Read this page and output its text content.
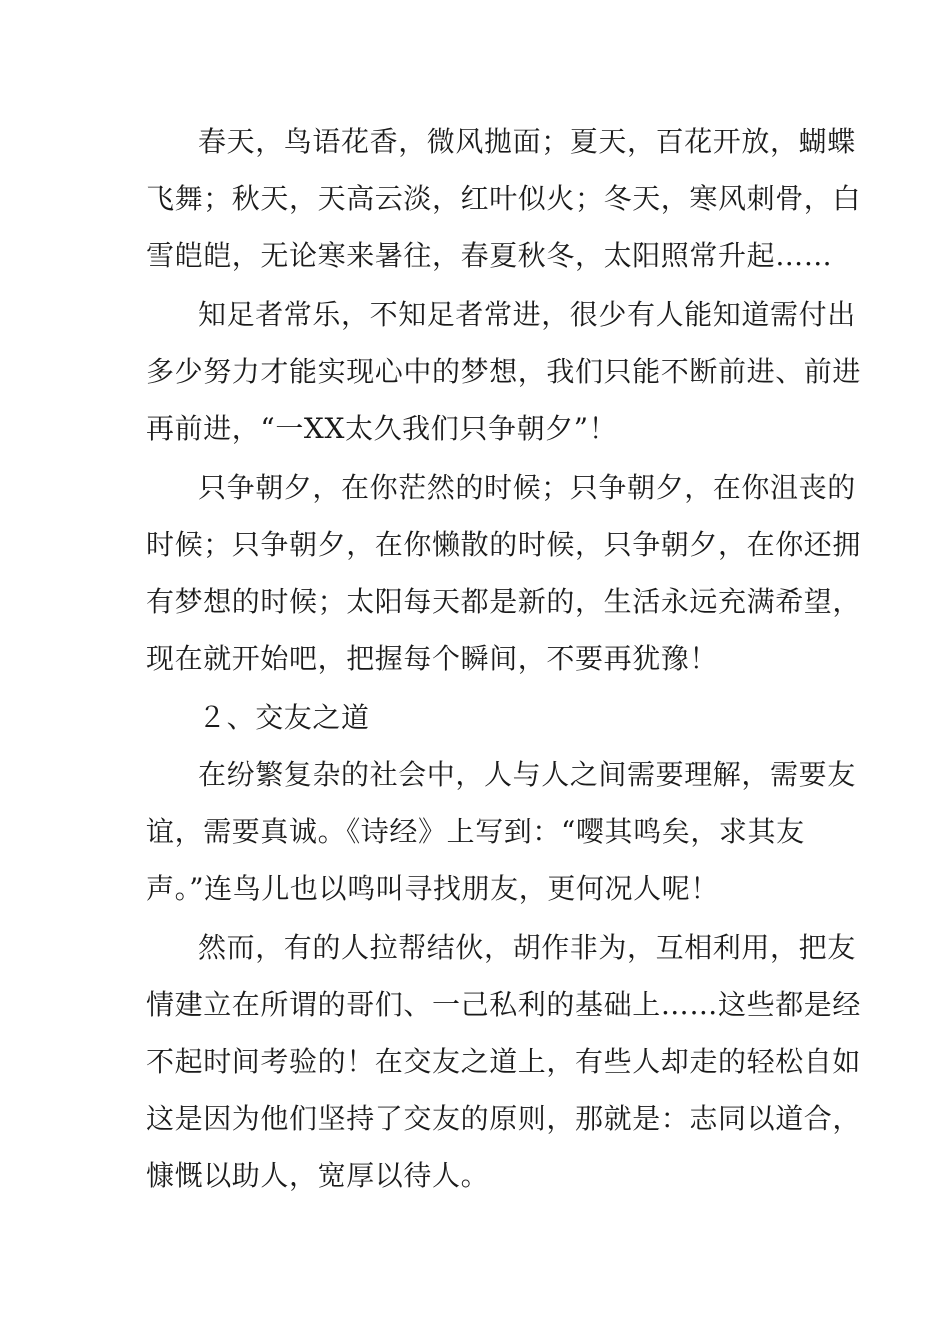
春天，鸟语花香，微风拋面；夏天，百花开放，蝴蝶
飞舞；秋天，天高云淡，红叶似火；冬天，寒风刺骨，白
雪皑皑，无论寒来暑往，春夏秋冬，太阳照常升起……
知足者常乐，不知足者常进，很少有人能知道需付出
多少努力才能实现心中的梦想，我们只能不断前进、前进
再前进，“一XX太久我们只争朝夕”！
只争朝夕，在你茫然的时候；只争朝夕，在你沮丧的
时候；只争朝夕，在你懒散的时候，只争朝夕，在你还拥
有梦想的时候；太阳每天都是新的，生活永远充满希望，
现在就开始吧，把握每个瞬间，不要再犹豫！
２、交友之道
在纷繁复杂的社会中，人与人之间需要理解，需要友
谊，需要真诚。《诗经》上写到：“嘤其鸣矣，求其友
声。”连鸟儿也以鸣叫寻找朋友，更何况人呢！
然而，有的人拉帮结伙，胡作非为，互相利用，把友
情建立在所谓的哥们、一己私利的基础上……这些都是经
不起时间考验的！在交友之道上，有些人却走的轻松自如
这是因为他们坚持了交友的原则，那就是：志同以道合，
慷慨以助人，宽厚以待人。
